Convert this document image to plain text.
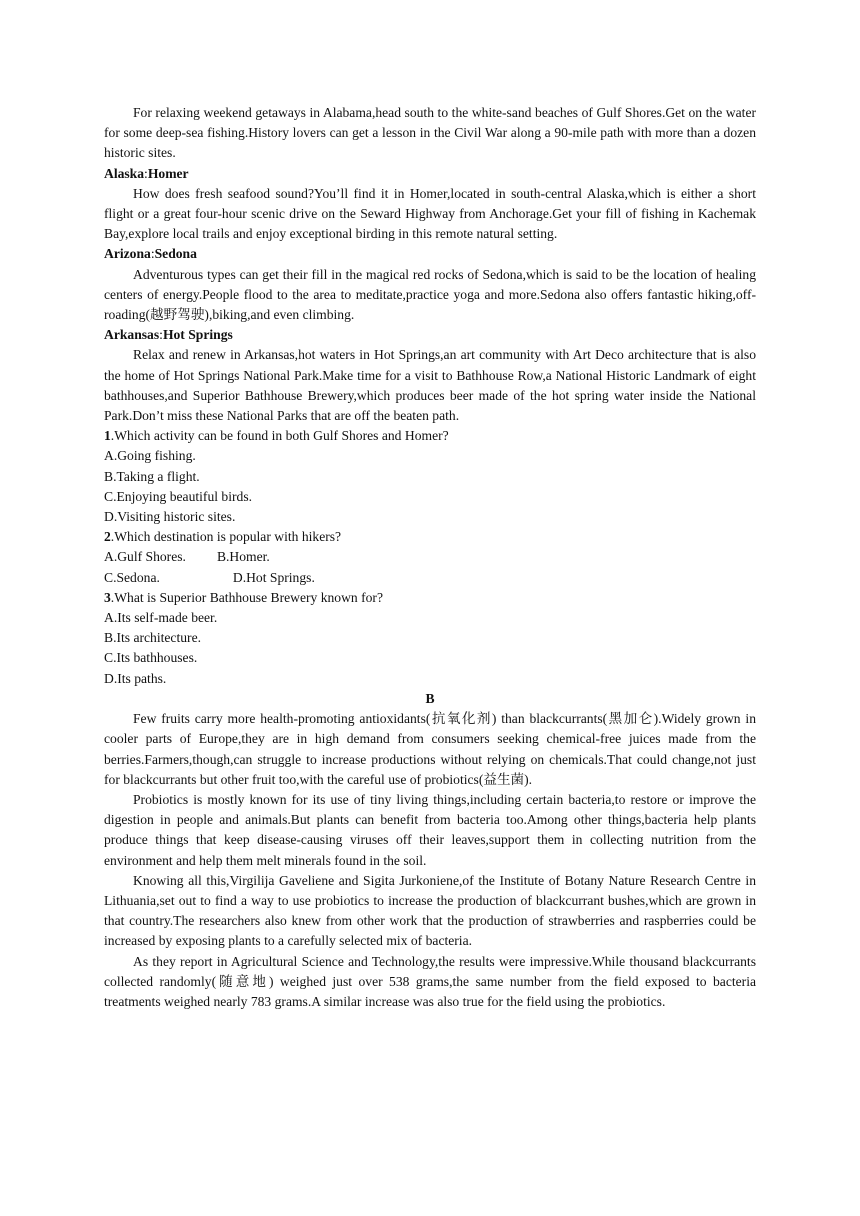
For relaxing weekend getaways in Alabama,head south to the white-sand beaches of Gulf Shores.Get on the water for some deep-sea fishing.History lovers can get a lesson in the Civil War along a 90-mile path with more than a dozen historic sites.

Alaska:Homer

How does fresh seafood sound?You’ll find it in Homer,located in south-central Alaska,which is either a short flight or a great four-hour scenic drive on the Seward Highway from Anchorage.Get your fill of fishing in Kachemak Bay,explore local trails and enjoy exceptional birding in this remote natural setting.

Arizona:Sedona

Adventurous types can get their fill in the magical red rocks of Sedona,which is said to be the location of healing centers of energy.People flood to the area to meditate,practice yoga and more.Sedona also offers fantastic hiking,off-roading(越野驾驶),biking,and even climbing.

Arkansas:Hot Springs

Relax and renew in Arkansas,hot waters in Hot Springs,an art community with Art Deco architecture that is also the home of Hot Springs National Park.Make time for a visit to Bathhouse Row,a National Historic Landmark of eight bathhouses,and Superior Bathhouse Brewery,which produces beer made of the hot spring water inside the National Park.Don’t miss these National Parks that are off the beaten path.

1.Which activity can be found in both Gulf Shores and Homer?

A.Going fishing.

B.Taking a flight.

C.Enjoying beautiful birds.

D.Visiting historic sites.

2.Which destination is popular with hikers?

A.Gulf Shores. B.Homer.

C.Sedona.	D.Hot Springs.

3.What is Superior Bathhouse Brewery known for?

A.Its self-made beer.

B.Its architecture.

C.Its bathhouses.

D.Its paths.

B

Few fruits carry more health-promoting antioxidants(抗氧化剂) than blackcurrants(黑加仑).Widely grown in cooler parts of Europe,they are in high demand from consumers seeking chemical-free juices made from the berries.Farmers,though,can struggle to increase productions without relying on chemicals.That could change,not just for blackcurrants but other fruit too,with the careful use of probiotics(益生菌).

Probiotics is mostly known for its use of tiny living things,including certain bacteria,to restore or improve the digestion in people and animals.But plants can benefit from bacteria too.Among other things,bacteria help plants produce things that keep disease-causing viruses off their leaves,support them in collecting nutrition from the environment and help them melt minerals found in the soil.

Knowing all this,Virgilija Gaveliene and Sigita Jurkoniene,of the Institute of Botany Nature Research Centre in Lithuania,set out to find a way to use probiotics to increase the production of blackcurrant bushes,which are grown in that country.The researchers also knew from other work that the production of strawberries and raspberries could be increased by exposing plants to a carefully selected mix of bacteria.

As they report in Agricultural Science and Technology,the results were impressive.While thousand blackcurrants collected randomly(随意地) weighed just over 538 grams,the same number from the field exposed to bacteria treatments weighed nearly 783 grams.A similar increase was also true for the field using the probiotics.
